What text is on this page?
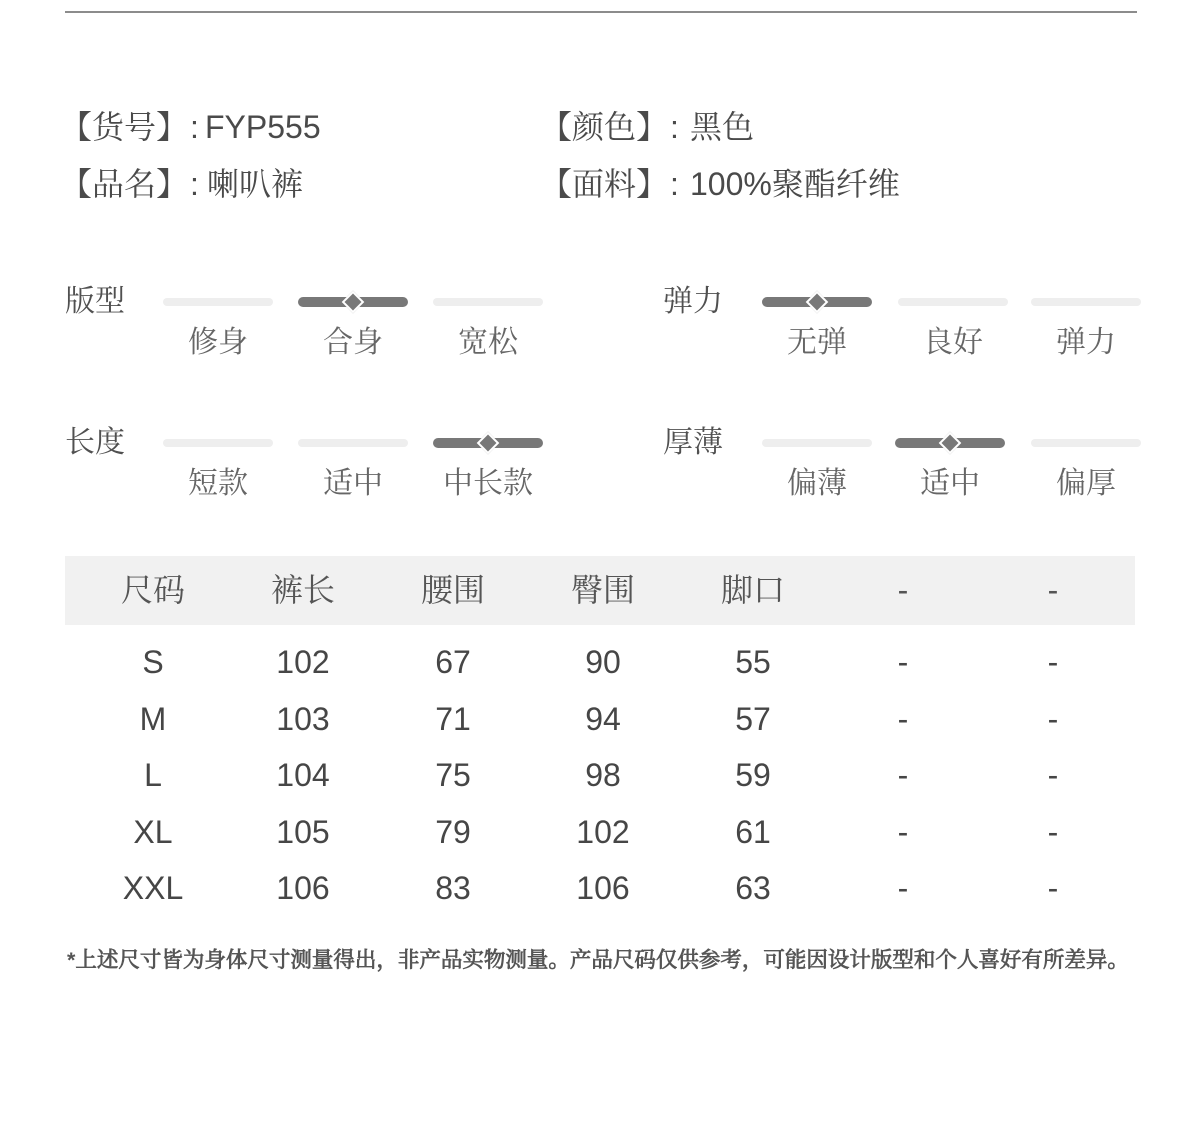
【货号】 : FYP555	【颜色】 : 黑色
【品名】 : 喇叭裤	【面料】 : 100%聚酯纤维
版型
修身	合身	宽松
弹力
无弹	良好	弹力
长度
短款	适中	中长款
厚薄
偏薄	适中	偏厚
尺码	裤长	腰围	臀围	脚口	-	-
S	102	67	90	55	-	-
M	103	71	94	57	-	-
L	104	75	98	59	-	-
XL	105	79	102	61	-	-
XXL	106	83	106	63	-	-
*上述尺寸皆为身体尺寸测量得出，非产品实物测量。产品尺码仅供参考，可能因设计版型和个人喜好有所差异。
